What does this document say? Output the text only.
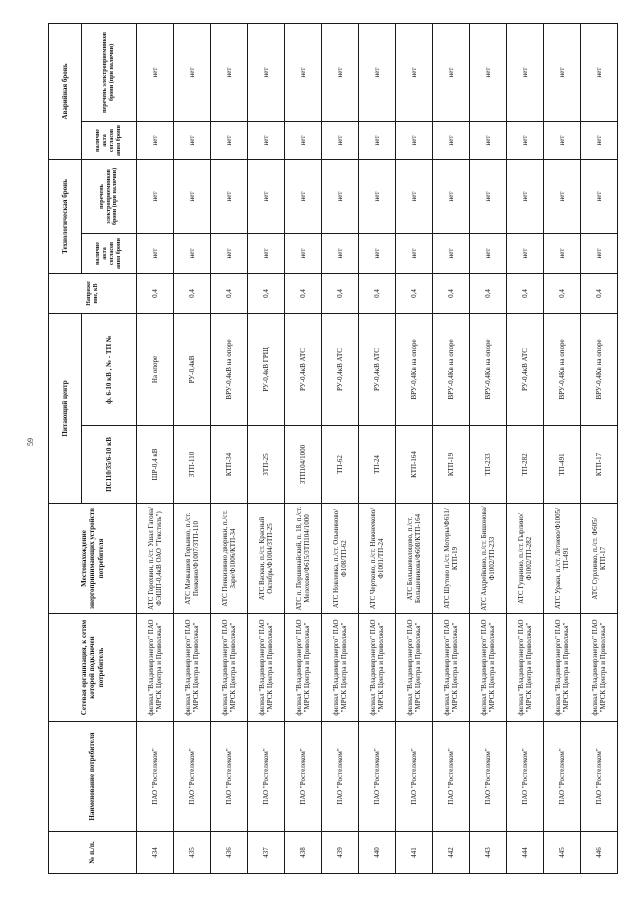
59
№ п./п.	Наименование потребителя	Сетевая организация, к сетям которой подключен потребитель	Местонахождение энергопринимающих устройств потребителя	Питающий центр		Напряже ние, кВ	Технологическая бронь		Аварийная бронь	
				ПС110/35/6-10 кВ	ф. 6-10 кВ , № - ТП №		наличие акта согласов ания брони	перечень электроприемников брони (при наличии)	наличие акта согласов ания брони	перечень электроприемников брони (при наличии)
434	ПАО "Ростелеком"	филиал "Владимирэнерго" ПАО "МРСК Центра и Приволжья"	АТС Горохвин, п./ст. Ушал Гагова/ФЭШП-0,4кВ ОАО "Текстиль")	ШР-0,4 кВ	На опоре	0,4	нет	нет	нет	нет
435	ПАО "Ростелеком"	филиал "Владимирэнерго" ПАО "МРСК Центра и Приволжья"	АТС Мачкашев Горыино, п./ст. Пенкино/Ф1007/ЗТП-110	ЗТП-110	РУ-0,4кВ	0,4	нет	нет	нет	нет
436	ПАО "Ростелеком"	филиал "Владимирэнерго" ПАО "МРСК Центра и Приволжья"	АТС Пенкизинио дворики, п./ст. Заре/Ф1006/КТП-34	КТП-34	ВРУ-0,4кВ на опоре	0,4	нет	нет	нет	нет
437	ПАО "Ростелеком"	филиал "Владимирэнерго" ПАО "МРСК Центра и Приволжья"	АТС Васкки, п./ст. Красный Октябрь/Ф1004/ЗТП-25	ЗТП-25	РУ-0,4кВ ГРЩ	0,4	нет	нет	нет	нет
438	ПАО "Ростелеком"	филиал "Владимирэнерго" ПАО "МРСК Центра и Приволжья"	АТС п. Першинайский, п. 18, п./ст. Мелехово/Ф615/ЗТП104/1000	ЗТП104/1000	РУ-0,4кВ АТС	0,4	нет	нет	нет	нет
439	ПАО "Ростелеком"	филиал "Владимирэнерго" ПАО "МРСК Центра и Приволжья"	АТС Новлевка, п./ст. Ольминово/Ф108/ТП-62	ТП-62	РУ-0,4кВ АТС	0,4	нет	нет	нет	нет
440	ПАО "Ростелеком"	филиал "Владимирэнерго" ПАО "МРСК Центра и Приволжья"	АТС Чертково, п./ст. Нижнееково/Ф1001/ТП-24	ТП-24	РУ-0,4кВ АТС	0,4	нет	нет	нет	нет
441	ПАО "Ростелеком"	филиал "Владимирэнерго" ПАО "МРСК Центра и Приволжья"	АТС Большеволоцово, п./ст. Большевикова/Ф608/КТП-164	КТП-164	ВРУ-0,4Кв на опоре	0,4	нет	нет	нет	нет
442	ПАО "Ростелеком"	филиал "Владимирэнерго" ПАО "МРСК Центра и Приволжья"	АТС Шутово п./ст. Мотеры/Ф611/КТП-19	КТП-19	ВРУ-0,4Кв на опоре	0,4	нет	нет	нет	нет
443	ПАО "Ростелеком"	филиал "Владимирэнерго" ПАО "МРСК Центра и Приволжья"	АТС Андрейкино, п./ст. Бишонова/Ф1002/ТП-233	ТП-233	ВРУ-0,4Кв на опоре	0,4	нет	нет	нет	нет
444	ПАО "Ростелеком"	филиал "Владимирэнерго" ПАО "МРСК Центра и Приволжья"	АТС Гущнино, п./ст. Гырлино/Ф1002/ТП-282	ТП-282	РУ-0,4кВ АТС	0,4	нет	нет	нет	нет
445	ПАО "Ростелеком"	филиал "Владимирэнерго" ПАО "МРСК Центра и Приволжья"	АТС Ураки, п./ст. Летнево/Ф1005/ТП-491	ТП-491	ВРУ-0,4Кв на опоре	0,4	нет	нет	нет	нет
446	ПАО "Ростелеком"	филиал "Владимирэнерго" ПАО "МРСК Центра и Приволжья"	АТС Сурлинко, п./ст. Ф605/КТП-17	КТП-17	ВРУ-0,4Кв на опоре	0,4	нет	нет	нет	нет
